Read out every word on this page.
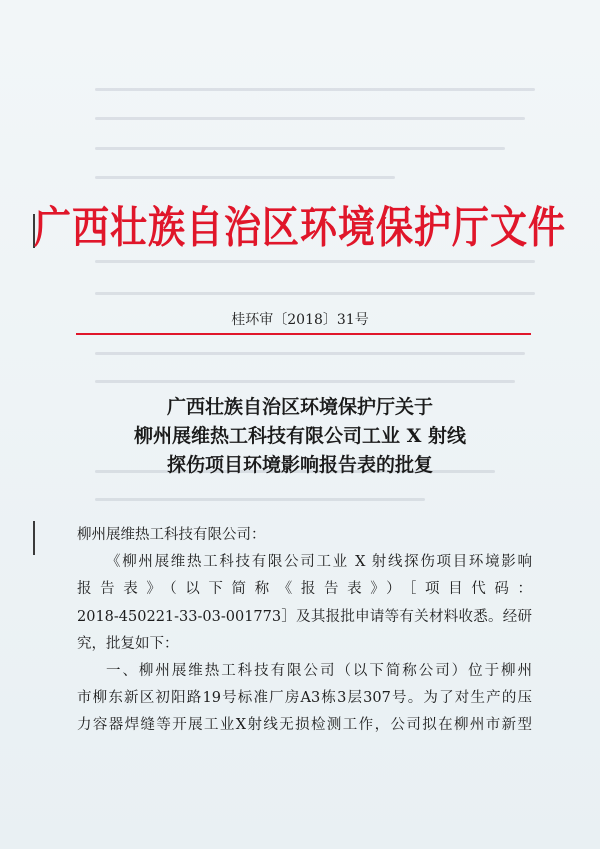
广西壮族自治区环境保护厅文件
桂环审〔2018〕31号
广西壮族自治区环境保护厅关于
柳州展维热工科技有限公司工业 X 射线
探伤项目环境影响报告表的批复
柳州展维热工科技有限公司：
《柳州展维热工科技有限公司工业 X 射线探伤项目环境影响
报告表》（以下简称《报告表》）［项目代码：
2018-450221-33-03-001773］及其报批申请等有关材料收悉。经研
究，批复如下：
一、柳州展维热工科技有限公司（以下简称公司）位于柳州
市柳东新区初阳路19号标准厂房A3栋3层307号。为了对生产的压
力容器焊缝等开展工业X射线无损检测工作，公司拟在柳州市新型
